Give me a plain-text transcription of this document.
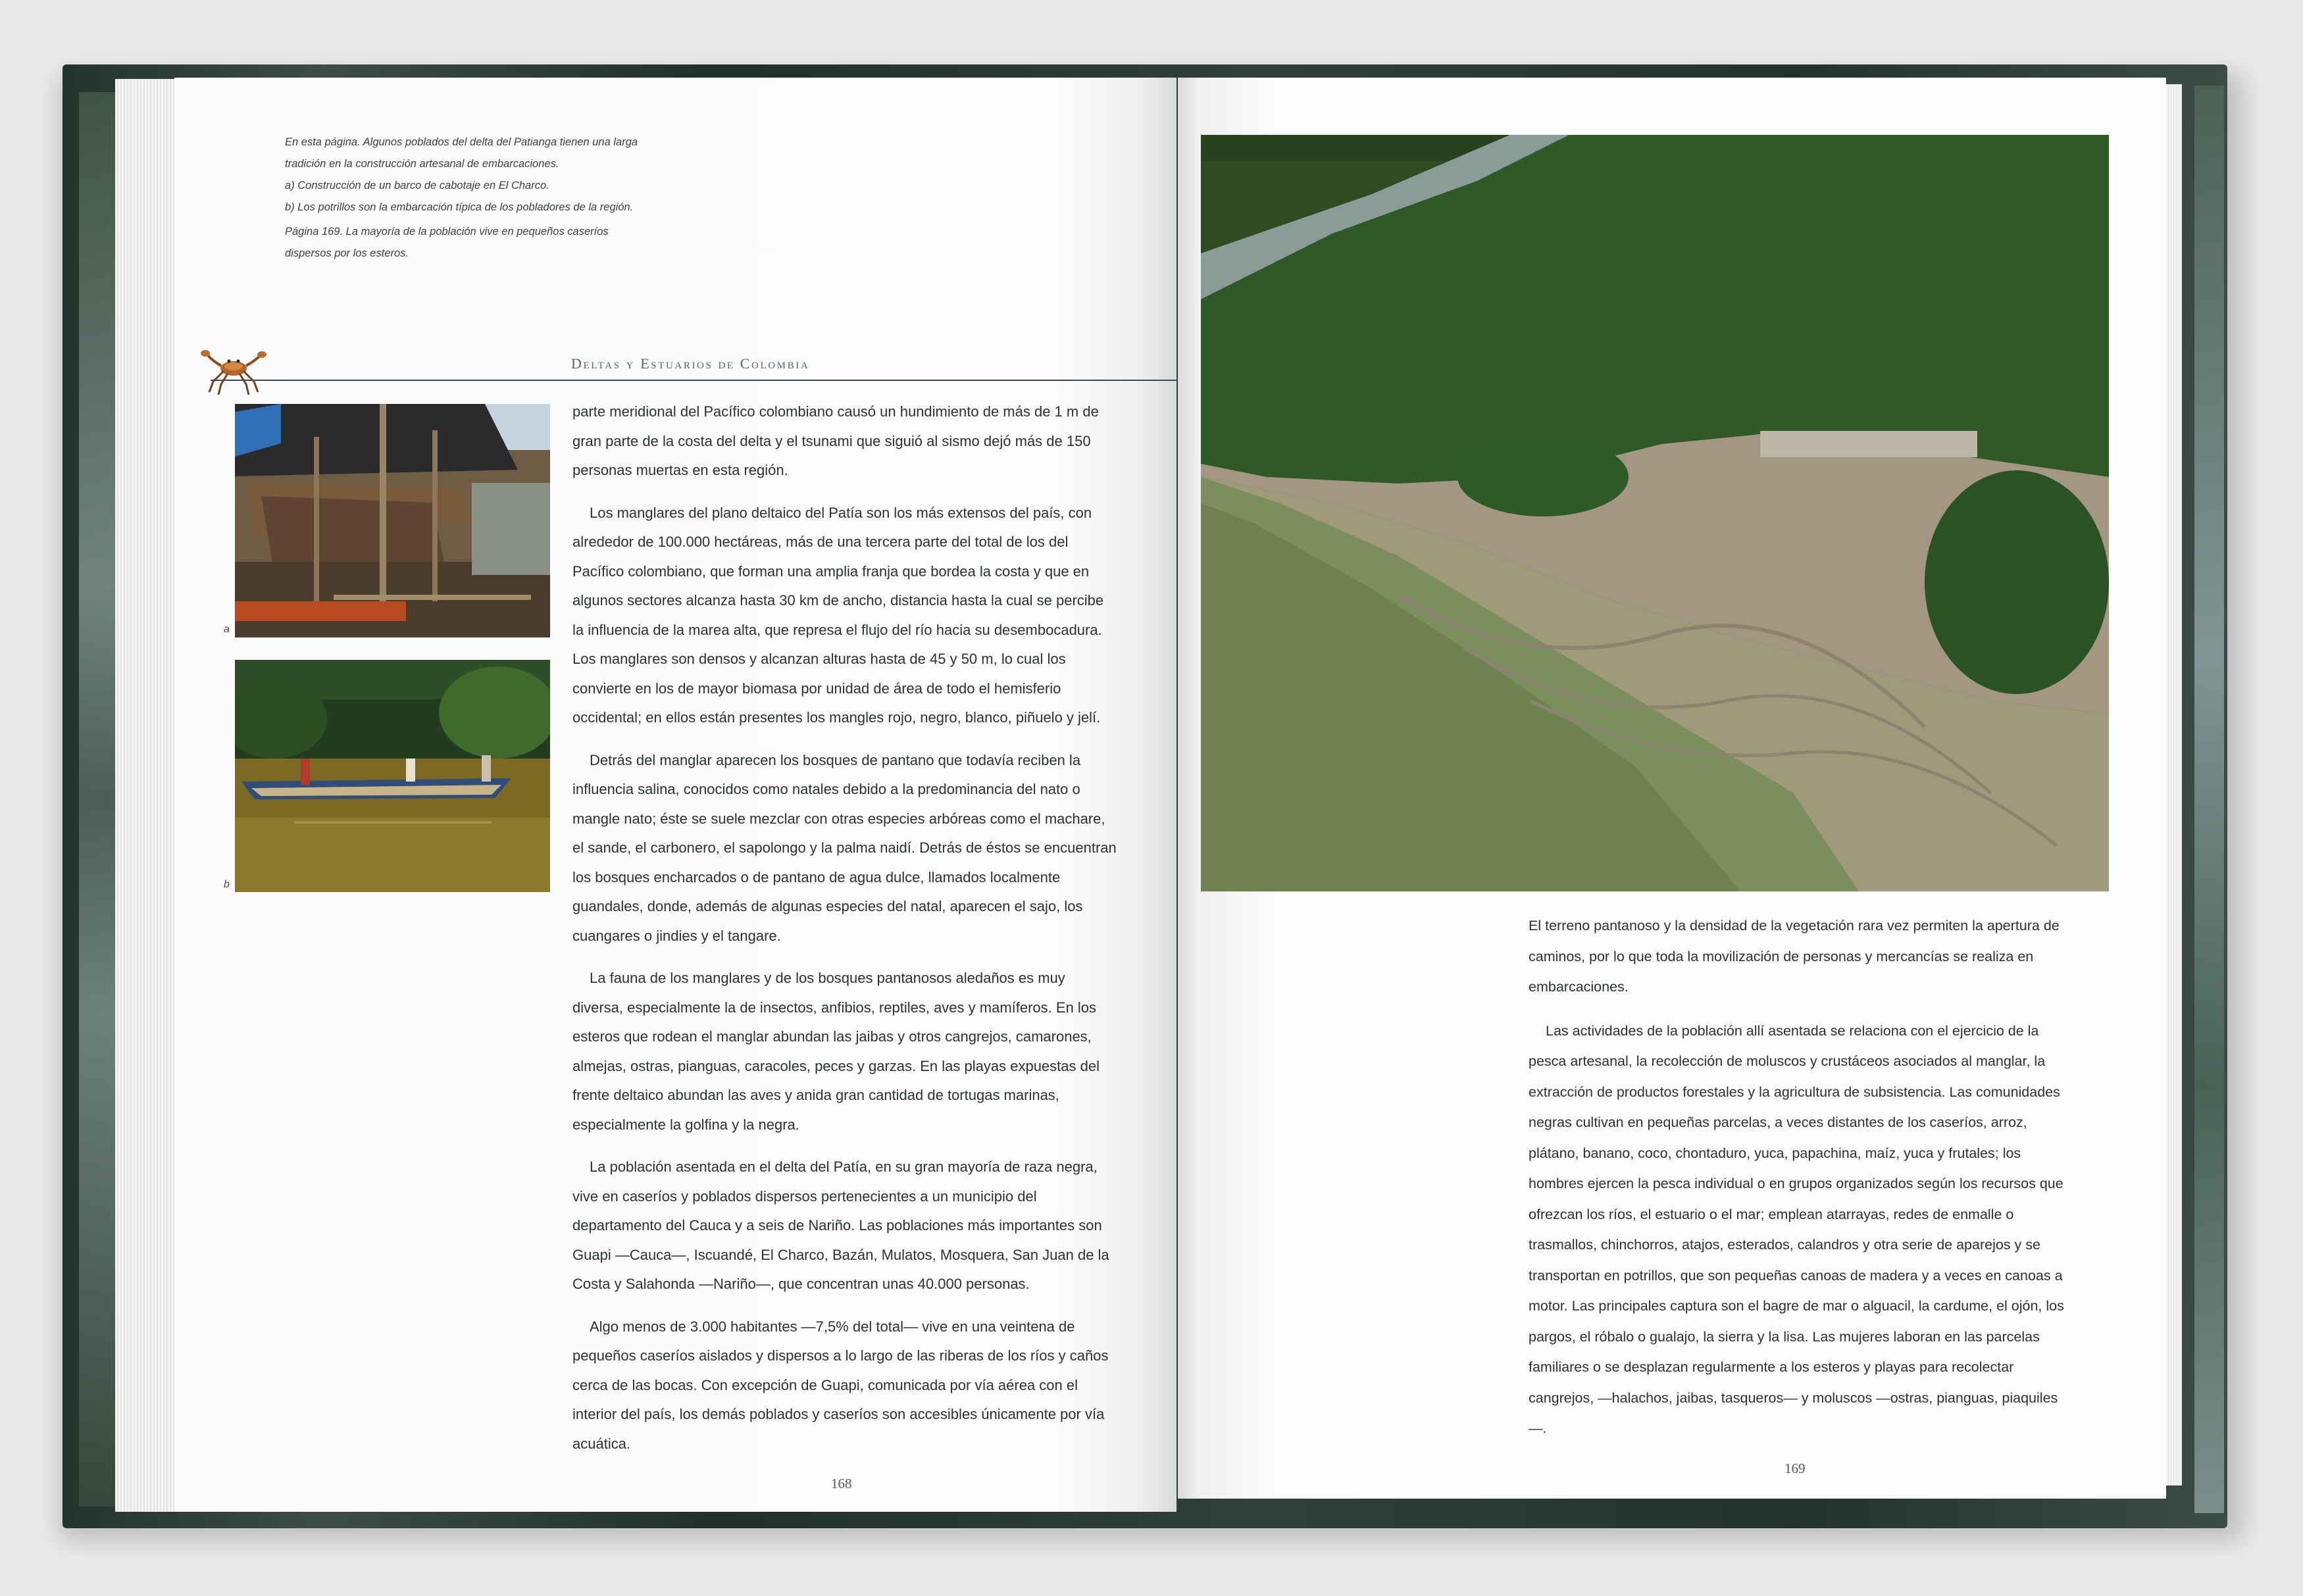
En esta página. Algunos poblados del delta del Patianga tienen una larga

tradición en la construcción artesanal de embarcaciones.

a) Construcción de un barco de cabotaje en El Charco.

b) Los potrillos son la embarcación típica de los pobladores de la región.

Página 169. La mayoría de la población vive en pequeños caseríos

dispersos por los esteros.

Deltas y Estuarios de Colombia
a
b

parte meridional del Pacífico colombiano causó un hundimiento de más de 1 m de gran parte de la costa del delta y el tsunami que siguió al sismo dejó más de 150 personas muertas en esta región.

Los manglares del plano deltaico del Patía son los más extensos del país, con alrededor de 100.000 hectáreas, más de una tercera parte del total de los del Pacífico colombiano, que forman una amplia franja que bordea la costa y que en algunos sectores alcanza hasta 30 km de ancho, distancia hasta la cual se percibe la influencia de la marea alta, que represa el flujo del río hacia su desembocadura. Los manglares son densos y alcanzan alturas hasta de 45 y 50 m, lo cual los convierte en los de mayor biomasa por unidad de área de todo el hemisferio occidental; en ellos están presentes los mangles rojo, negro, blanco, piñuelo y jelí.

Detrás del manglar aparecen los bosques de pantano que todavía reciben la influencia salina, conocidos como natales debido a la predominancia del nato o mangle nato; éste se suele mezclar con otras especies arbóreas como el machare, el sande, el carbonero, el sapolongo y la palma naidí. Detrás de éstos se encuentran los bosques encharcados o de pantano de agua dulce, llamados localmente guandales, donde, además de algunas especies del natal, aparecen el sajo, los cuangares o jindies y el tangare.

La fauna de los manglares y de los bosques pantanosos aledaños es muy diversa, especialmente la de insectos, anfibios, reptiles, aves y mamíferos. En los esteros que rodean el manglar abundan las jaibas y otros cangrejos, camarones, almejas, ostras, pianguas, caracoles, peces y garzas. En las playas expuestas del frente deltaico abundan las aves y anida gran cantidad de tortugas marinas, especialmente la golfina y la negra.

La población asentada en el delta del Patía, en su gran mayoría de raza negra, vive en caseríos y poblados dispersos pertenecientes a un municipio del departamento del Cauca y a seis de Nariño. Las poblaciones más importantes son Guapi —Cauca—, Iscuandé, El Charco, Bazán, Mulatos, Mosquera, San Juan de la Costa y Salahonda —Nariño—, que concentran unas 40.000 personas.

Algo menos de 3.000 habitantes —7,5% del total— vive en una veintena de pequeños caseríos aislados y dispersos a lo largo de las riberas de los ríos y caños cerca de las bocas. Con excepción de Guapi, comunicada por vía aérea con el interior del país, los demás poblados y caseríos son accesibles únicamente por vía acuática.

168

El terreno pantanoso y la densidad de la vegetación rara vez permiten la apertura de caminos, por lo que toda la movilización de personas y mercancías se realiza en embarcaciones.

Las actividades de la población allí asentada se relaciona con el ejercicio de la pesca artesanal, la recolección de moluscos y crustáceos asociados al manglar, la extracción de productos forestales y la agricultura de subsistencia. Las comunidades negras cultivan en pequeñas parcelas, a veces distantes de los caseríos, arroz, plátano, banano, coco, chontaduro, yuca, papachina, maíz, yuca y frutales; los hombres ejercen la pesca individual o en grupos organizados según los recursos que ofrezcan los ríos, el estuario o el mar; emplean atarrayas, redes de enmalle o trasmallos, chinchorros, atajos, esterados, calandros y otra serie de aparejos y se transportan en potrillos, que son pequeñas canoas de madera y a veces en canoas a motor. Las principales captura son el bagre de mar o alguacil, la cardume, el ojón, los pargos, el róbalo o gualajo, la sierra y la lisa. Las mujeres laboran en las parcelas familiares o se desplazan regularmente a los esteros y playas para recolectar cangrejos, —halachos, jaibas, tasqueros— y moluscos —ostras, pianguas, piaquiles—.

169
